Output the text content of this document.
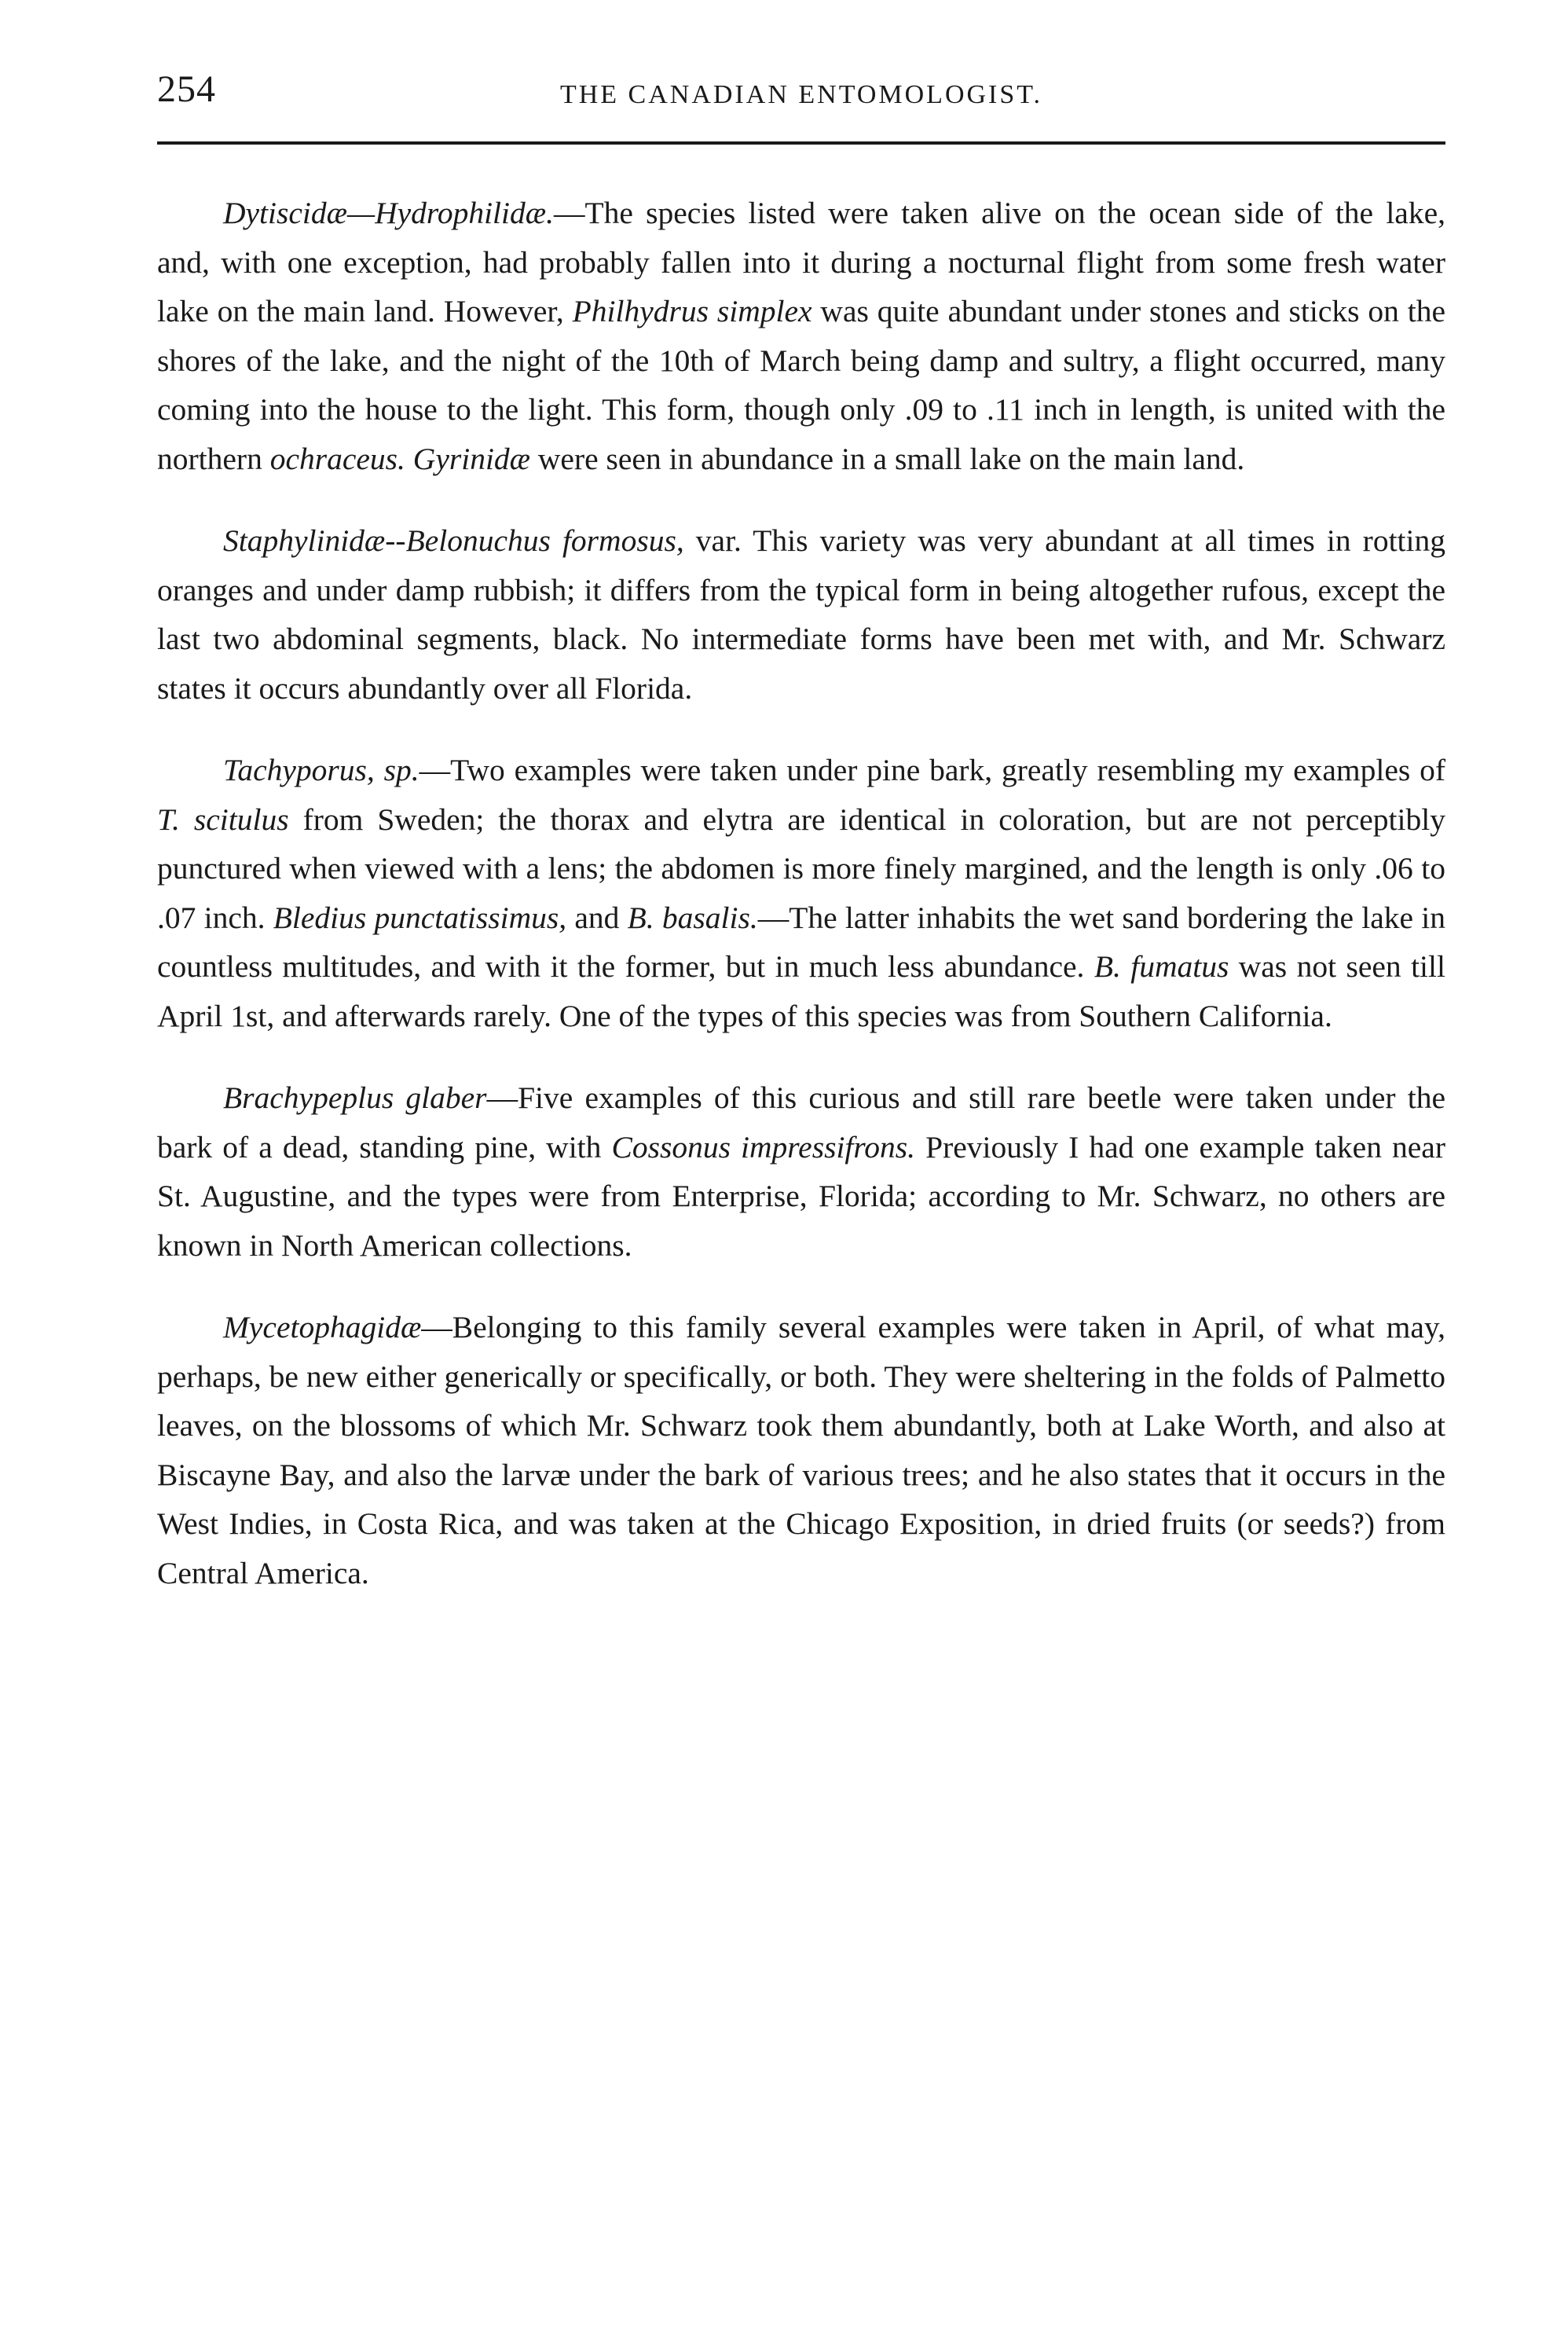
254	THE CANADIAN ENTOMOLOGIST.

Dytiscidæ—Hydrophilidæ.—The species listed were taken alive on the ocean side of the lake, and, with one exception, had probably fallen into it during a nocturnal flight from some fresh water lake on the main land. However, Philhydrus simplex was quite abundant under stones and sticks on the shores of the lake, and the night of the 10th of March being damp and sultry, a flight occurred, many coming into the house to the light. This form, though only .09 to .11 inch in length, is united with the northern ochraceus. Gyrinidæ were seen in abundance in a small lake on the main land.

Staphylinidæ--Belonuchus formosus, var. This variety was very abundant at all times in rotting oranges and under damp rubbish; it differs from the typical form in being altogether rufous, except the last two abdominal segments, black. No intermediate forms have been met with, and Mr. Schwarz states it occurs abundantly over all Florida.

Tachyporus, sp.—Two examples were taken under pine bark, greatly resembling my examples of T. scitulus from Sweden; the thorax and elytra are identical in coloration, but are not perceptibly punctured when viewed with a lens; the abdomen is more finely margined, and the length is only .06 to .07 inch. Bledius punctatissimus, and B. basalis.—The latter inhabits the wet sand bordering the lake in countless multitudes, and with it the former, but in much less abundance. B. fumatus was not seen till April 1st, and afterwards rarely. One of the types of this species was from Southern California.

Brachypeplus glaber—Five examples of this curious and still rare beetle were taken under the bark of a dead, standing pine, with Cossonus impressifrons. Previously I had one example taken near St. Augustine, and the types were from Enterprise, Florida; according to Mr. Schwarz, no others are known in North American collections.

Mycetophagidæ—Belonging to this family several examples were taken in April, of what may, perhaps, be new either generically or specifically, or both. They were sheltering in the folds of Palmetto leaves, on the blossoms of which Mr. Schwarz took them abundantly, both at Lake Worth, and also at Biscayne Bay, and also the larvæ under the bark of various trees; and he also states that it occurs in the West Indies, in Costa Rica, and was taken at the Chicago Exposition, in dried fruits (or seeds?) from Central America.
